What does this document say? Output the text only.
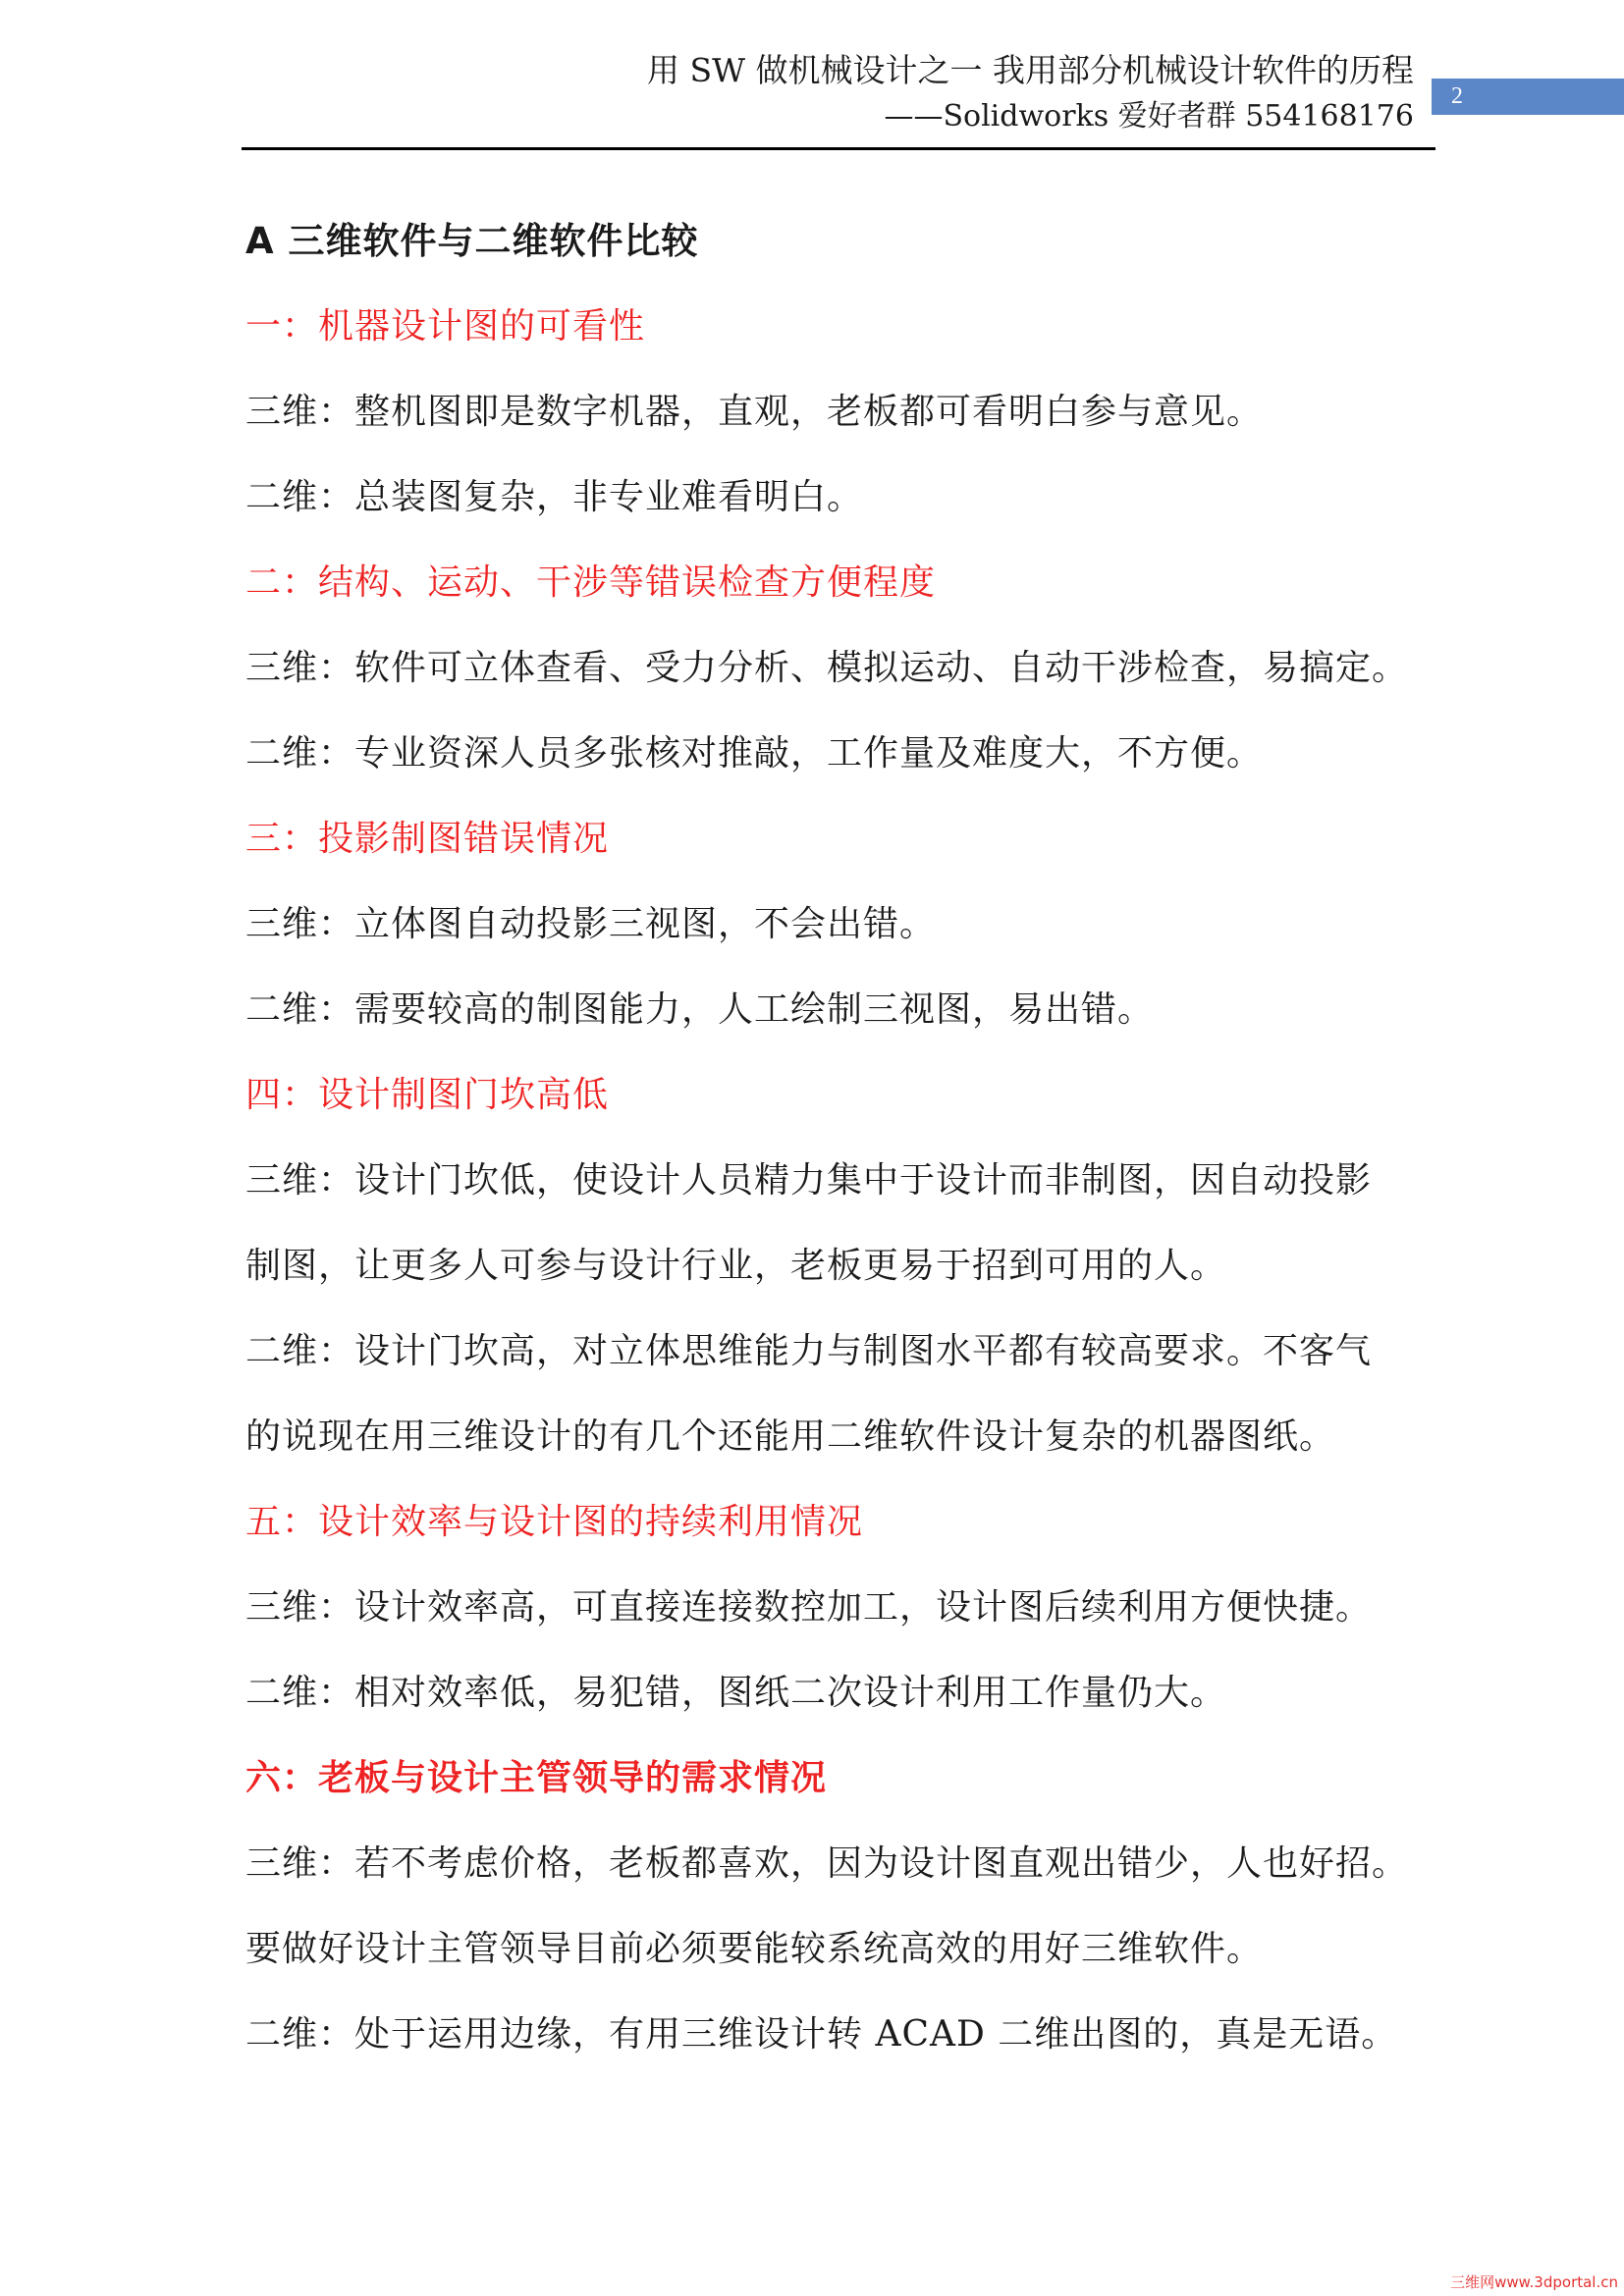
用 SW 做机械设计之一 我用部分机械设计软件的历程
——Solidworks 爱好者群 554168176
2
A 三维软件与二维软件比较
一：机器设计图的可看性
三维：整机图即是数字机器，直观，老板都可看明白参与意见。
二维：总装图复杂，非专业难看明白。
二：结构、运动、干涉等错误检查方便程度
三维：软件可立体查看、受力分析、模拟运动、自动干涉检查，易搞定。
二维：专业资深人员多张核对推敲，工作量及难度大，不方便。
三：投影制图错误情况
三维：立体图自动投影三视图，不会出错。
二维：需要较高的制图能力，人工绘制三视图，易出错。
四：设计制图门坎高低
三维：设计门坎低，使设计人员精力集中于设计而非制图，因自动投影
制图，让更多人可参与设计行业，老板更易于招到可用的人。
二维：设计门坎高，对立体思维能力与制图水平都有较高要求。不客气
的说现在用三维设计的有几个还能用二维软件设计复杂的机器图纸。
五：设计效率与设计图的持续利用情况
三维：设计效率高，可直接连接数控加工，设计图后续利用方便快捷。
二维：相对效率低，易犯错，图纸二次设计利用工作量仍大。
六：老板与设计主管领导的需求情况
三维：若不考虑价格，老板都喜欢，因为设计图直观出错少，人也好招。
要做好设计主管领导目前必须要能较系统高效的用好三维软件。
二维：处于运用边缘，有用三维设计转 ACAD 二维出图的，真是无语。
三维网www.3dportal.cn
